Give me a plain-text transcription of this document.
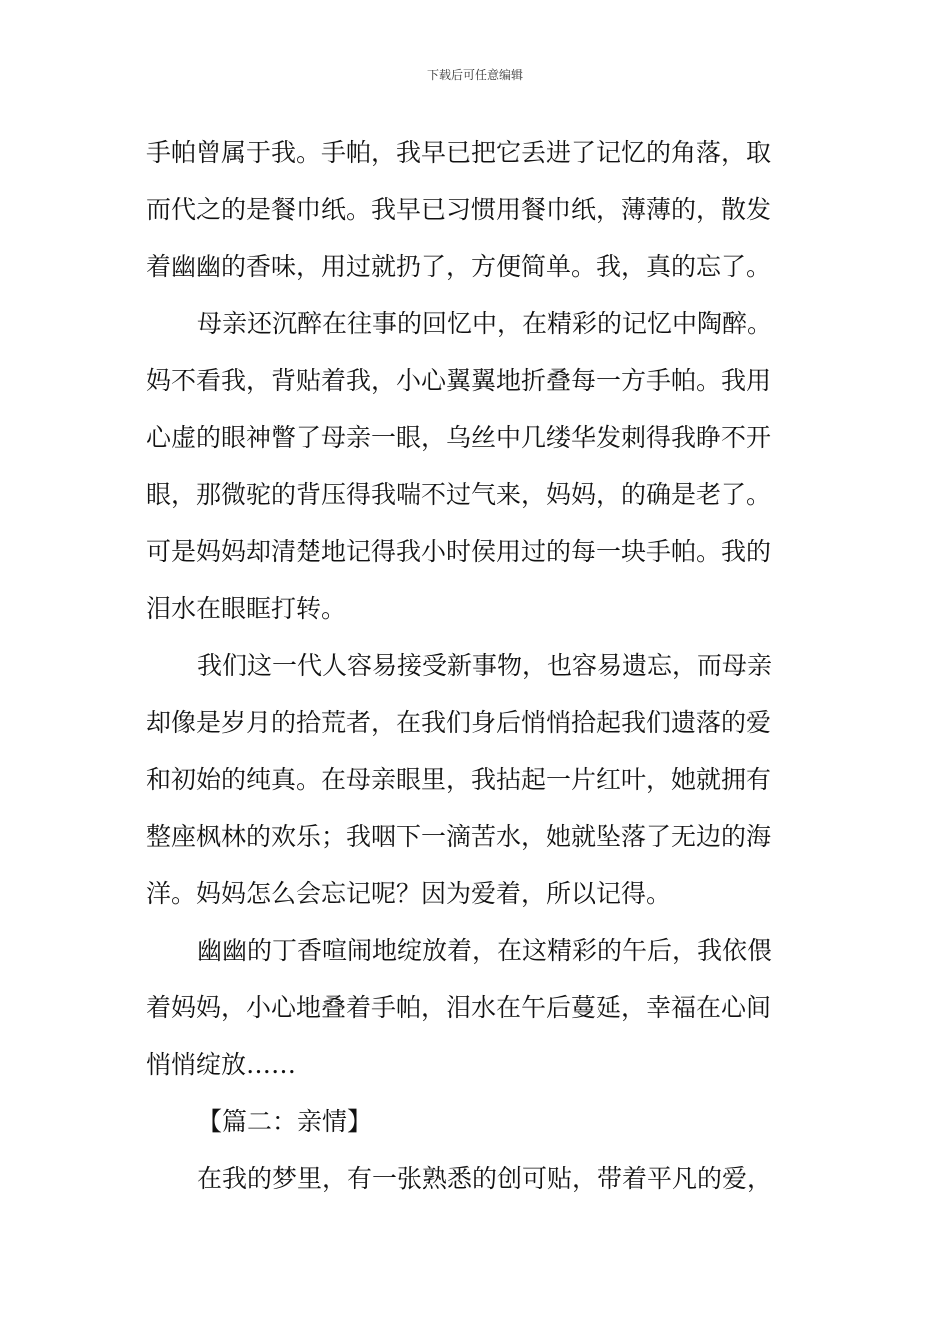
下载后可任意编辑
手帕曾属于我。手帕，我早已把它丢进了记忆的角落，取
而代之的是餐巾纸。我早已习惯用餐巾纸，薄薄的，散发
着幽幽的香味，用过就扔了，方便简单。我，真的忘了。
母亲还沉醉在往事的回忆中，在精彩的记忆中陶醉。
妈不看我，背贴着我，小心翼翼地折叠每一方手帕。我用
心虚的眼神瞥了母亲一眼，乌丝中几缕华发刺得我睁不开
眼，那微驼的背压得我喘不过气来，妈妈，的确是老了。
可是妈妈却清楚地记得我小时侯用过的每一块手帕。我的
泪水在眼眶打转。
我们这一代人容易接受新事物，也容易遗忘，而母亲
却像是岁月的拾荒者，在我们身后悄悄拾起我们遗落的爱
和初始的纯真。在母亲眼里，我拈起一片红叶，她就拥有
整座枫林的欢乐；我咽下一滴苦水，她就坠落了无边的海
洋。妈妈怎么会忘记呢？因为爱着，所以记得。
幽幽的丁香喧闹地绽放着，在这精彩的午后，我依偎
着妈妈，小心地叠着手帕，泪水在午后蔓延，幸福在心间
悄悄绽放……
【篇二：亲情】
在我的梦里，有一张熟悉的创可贴，带着平凡的爱，
